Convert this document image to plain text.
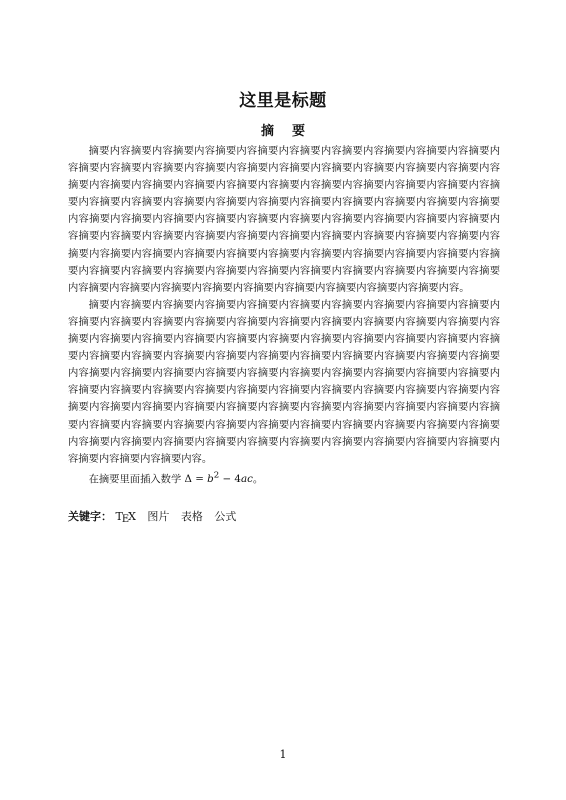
这里是标题
摘要

摘要内容摘要内容摘要内容摘要内容摘要内容摘要内容摘要内容摘要内容摘要内容摘要内容摘要内容摘要内容摘要内容摘要内容摘要内容摘要内容摘要内容摘要内容摘要内容摘要内容摘要内容摘要内容摘要内容摘要内容摘要内容摘要内容摘要内容摘要内容摘要内容摘要内容摘要内容摘要内容摘要内容摘要内容摘要内容摘要内容摘要内容摘要内容摘要内容摘要内容摘要内容摘要内容摘要内容摘要内容摘要内容摘要内容摘要内容摘要内容摘要内容摘要内容摘要内容摘要内容摘要内容摘要内容摘要内容摘要内容摘要内容摘要内容摘要内容摘要内容摘要内容摘要内容摘要内容摘要内容摘要内容摘要内容摘要内容摘要内容摘要内容摘要内容摘要内容摘要内容摘要内容摘要内容摘要内容摘要内容摘要内容摘要内容摘要内容摘要内容摘要内容摘要内容摘要内容摘要内容摘要内容摘要内容摘要内容摘要内容摘要内容摘要内容摘要内容。

摘要内容摘要内容摘要内容摘要内容摘要内容摘要内容摘要内容摘要内容摘要内容摘要内容摘要内容摘要内容摘要内容摘要内容摘要内容摘要内容摘要内容摘要内容摘要内容摘要内容摘要内容摘要内容摘要内容摘要内容摘要内容摘要内容摘要内容摘要内容摘要内容摘要内容摘要内容摘要内容摘要内容摘要内容摘要内容摘要内容摘要内容摘要内容摘要内容摘要内容摘要内容摘要内容摘要内容摘要内容摘要内容摘要内容摘要内容摘要内容摘要内容摘要内容摘要内容摘要内容摘要内容摘要内容摘要内容摘要内容摘要内容摘要内容摘要内容摘要内容摘要内容摘要内容摘要内容摘要内容摘要内容摘要内容摘要内容摘要内容摘要内容摘要内容摘要内容摘要内容摘要内容摘要内容摘要内容摘要内容摘要内容摘要内容摘要内容摘要内容摘要内容摘要内容摘要内容摘要内容摘要内容摘要内容摘要内容摘要内容摘要内容摘要内容摘要内容摘要内容摘要内容摘要内容摘要内容。

在摘要里面插入数学 $\Delta = b^2 - 4ac$。

关键字： TEX 图片 表格 公式
1
